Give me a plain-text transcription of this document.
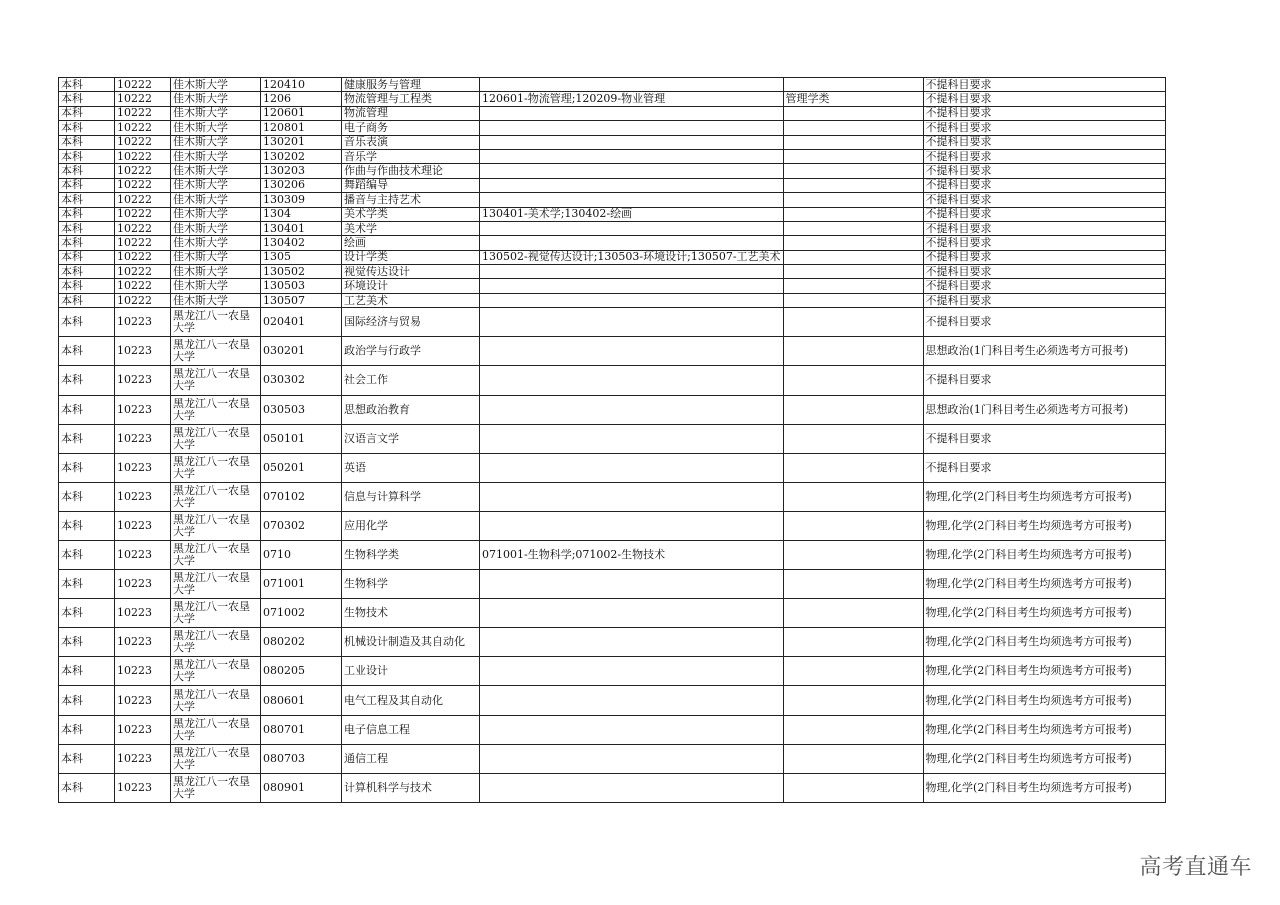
本科	10222	佳木斯大学	120410	健康服务与管理			不提科目要求
本科	10222	佳木斯大学	1206	物流管理与工程类	120601-物流管理;120209-物业管理	管理学类	不提科目要求
本科	10222	佳木斯大学	120601	物流管理			不提科目要求
本科	10222	佳木斯大学	120801	电子商务			不提科目要求
本科	10222	佳木斯大学	130201	音乐表演			不提科目要求
本科	10222	佳木斯大学	130202	音乐学			不提科目要求
本科	10222	佳木斯大学	130203	作曲与作曲技术理论			不提科目要求
本科	10222	佳木斯大学	130206	舞蹈编导			不提科目要求
本科	10222	佳木斯大学	130309	播音与主持艺术			不提科目要求
本科	10222	佳木斯大学	1304	美术学类	130401-美术学;130402-绘画		不提科目要求
本科	10222	佳木斯大学	130401	美术学			不提科目要求
本科	10222	佳木斯大学	130402	绘画			不提科目要求
本科	10222	佳木斯大学	1305	设计学类	130502-视觉传达设计;130503-环境设计;130507-工艺美术		不提科目要求
本科	10222	佳木斯大学	130502	视觉传达设计			不提科目要求
本科	10222	佳木斯大学	130503	环境设计			不提科目要求
本科	10222	佳木斯大学	130507	工艺美术			不提科目要求
本科	10223	黑龙江八一农垦大学	020401	国际经济与贸易			不提科目要求
本科	10223	黑龙江八一农垦大学	030201	政治学与行政学			思想政治(1门科目考生必须选考方可报考)
本科	10223	黑龙江八一农垦大学	030302	社会工作			不提科目要求
本科	10223	黑龙江八一农垦大学	030503	思想政治教育			思想政治(1门科目考生必须选考方可报考)
本科	10223	黑龙江八一农垦大学	050101	汉语言文学			不提科目要求
本科	10223	黑龙江八一农垦大学	050201	英语			不提科目要求
本科	10223	黑龙江八一农垦大学	070102	信息与计算科学			物理,化学(2门科目考生均须选考方可报考)
本科	10223	黑龙江八一农垦大学	070302	应用化学			物理,化学(2门科目考生均须选考方可报考)
本科	10223	黑龙江八一农垦大学	0710	生物科学类	071001-生物科学;071002-生物技术		物理,化学(2门科目考生均须选考方可报考)
本科	10223	黑龙江八一农垦大学	071001	生物科学			物理,化学(2门科目考生均须选考方可报考)
本科	10223	黑龙江八一农垦大学	071002	生物技术			物理,化学(2门科目考生均须选考方可报考)
本科	10223	黑龙江八一农垦大学	080202	机械设计制造及其自动化			物理,化学(2门科目考生均须选考方可报考)
本科	10223	黑龙江八一农垦大学	080205	工业设计			物理,化学(2门科目考生均须选考方可报考)
本科	10223	黑龙江八一农垦大学	080601	电气工程及其自动化			物理,化学(2门科目考生均须选考方可报考)
本科	10223	黑龙江八一农垦大学	080701	电子信息工程			物理,化学(2门科目考生均须选考方可报考)
本科	10223	黑龙江八一农垦大学	080703	通信工程			物理,化学(2门科目考生均须选考方可报考)
本科	10223	黑龙江八一农垦大学	080901	计算机科学与技术			物理,化学(2门科目考生均须选考方可报考)
高考直通车
